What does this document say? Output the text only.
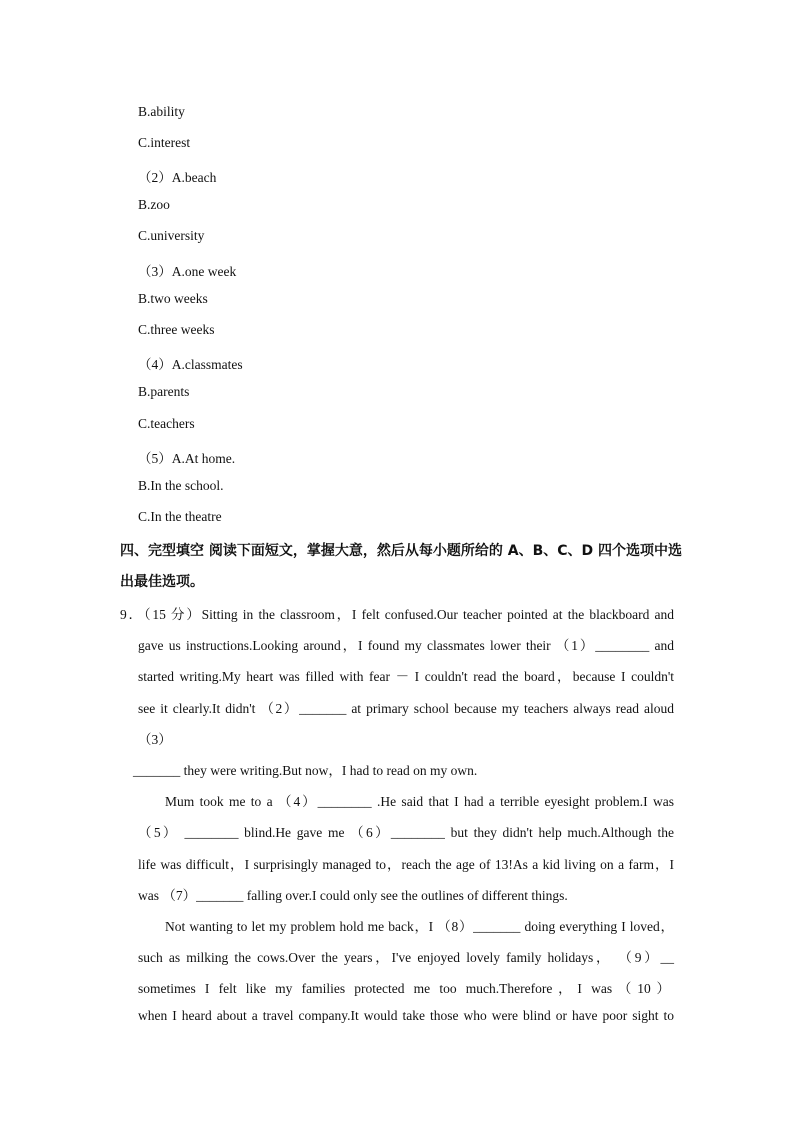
B.ability
C.interest
（2）A.beach
B.zoo
C.university
（3）A.one week
B.two weeks
C.three weeks
（4）A.classmates
B.parents
C.teachers
（5）A.At home.
B.In the school.
C.In the theatre
四、完型填空 阅读下面短文，掌握大意，然后从每小题所给的 A、B、C、D 四个选项中选
出最佳选项。
9．（15 分）Sitting in the classroom，I felt confused.Our teacher pointed at the blackboard and
gave us instructions.Looking around，I found my classmates lower their （1）________ and
started writing.My heart was filled with fear － I couldn't read the board，because I couldn't
see it clearly.It didn't （2）_______ at primary school because my teachers always read aloud
（3）
_______ they were writing.But now，I had to read on my own.
Mum took me to a （4）________ .He said that I had a terrible eyesight problem.I was
（5） ________ blind.He gave me （6）________ but they didn't help much.Although the
life was difficult，I surprisingly managed to，reach the age of 13!As a kid living on a farm，I
was （7）_______ falling over.I could only see the outlines of different things.
Not wanting to let my problem hold me back，I （8）_______ doing everything I loved，
such as milking the cows.Over the years，I've enjoyed lovely family holidays， （9）__
sometimes I felt like my families protected me too much.Therefore，I was（10）
when I heard about a travel company.It would take those who were blind or have poor sight to
